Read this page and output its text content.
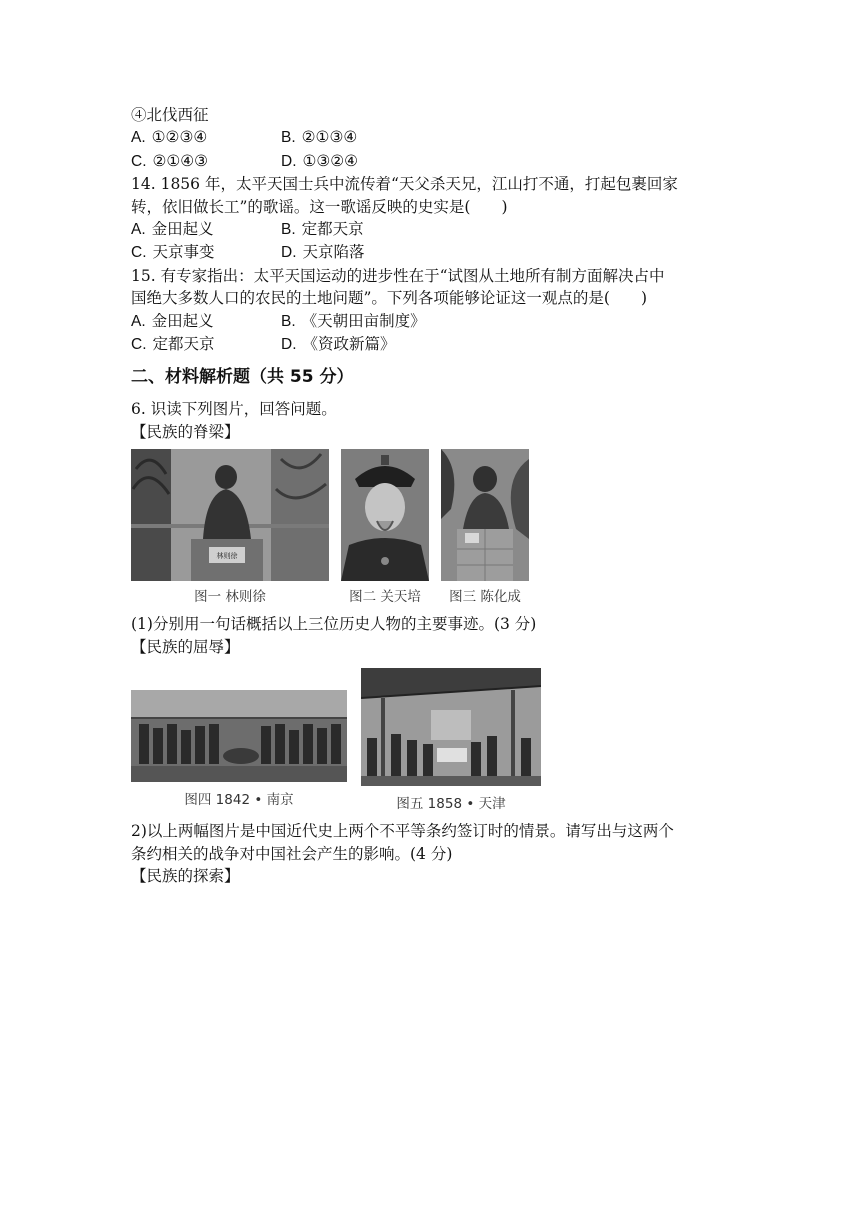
④北伐西征
A. ①②③④	B. ②①③④
C. ②①④③	D. ①③②④
14. 1856 年，太平天国士兵中流传着“天父杀天兄，江山打不通，打起包裹回家
转，依旧做长工”的歌谣。这一歌谣反映的史实是(　　)
A. 金田起义	B. 定都天京
C. 天京事变	D. 天京陷落
15. 有专家指出：太平天国运动的进步性在于“试图从土地所有制方面解决占中
国绝大多数人口的农民的土地问题”。下列各项能够论证这一观点的是(　　)
A. 金田起义	B. 《天朝田亩制度》
C. 定都天京	D. 《资政新篇》
二、材料解析题（共 55 分）
6. 识读下列图片，回答问题。
【民族的脊梁】
林则徐
图一 林则徐	图二 关天培	图三 陈化成
(1)分别用一句话概括以上三位历史人物的主要事迹。(3 分)
【民族的屈辱】
图四 1842 • 南京	图五 1858 • 天津
2)以上两幅图片是中国近代史上两个不平等条约签订时的情景。请写出与这两个
条约相关的战争对中国社会产生的影响。(4 分)
【民族的探索】
